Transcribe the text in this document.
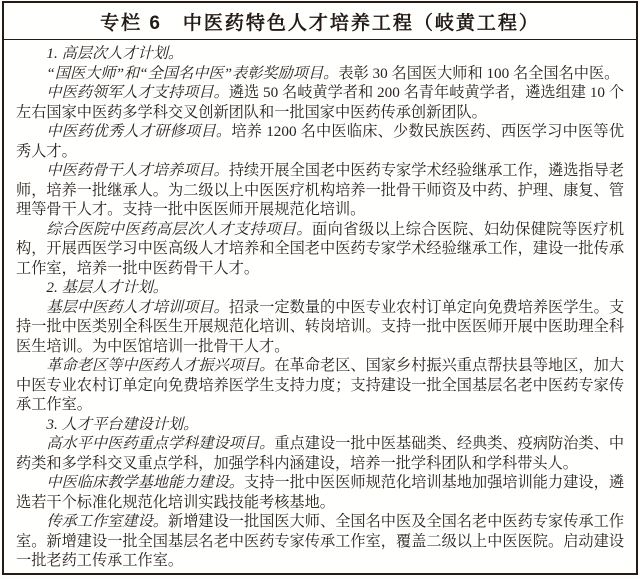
专栏 6　中医药特色人才培养工程（岐黄工程）

1. 高层次人才计划。

“国医大师”和“全国名中医”表彰奖励项目。表彰 30 名国医大师和 100 名全国名中医。

中医药领军人才支持项目。遴选 50 名岐黄学者和 200 名青年岐黄学者，遴选组建 10 个左右国家中医药多学科交叉创新团队和一批国家中医药传承创新团队。

中医药优秀人才研修项目。培养 1200 名中医临床、少数民族医药、西医学习中医等优秀人才。

中医药骨干人才培养项目。持续开展全国老中医药专家学术经验继承工作，遴选指导老师，培养一批继承人。为二级以上中医医疗机构培养一批骨干师资及中药、护理、康复、管理等骨干人才。支持一批中医医师开展规范化培训。

综合医院中医药高层次人才支持项目。面向省级以上综合医院、妇幼保健院等医疗机构，开展西医学习中医高级人才培养和全国老中医药专家学术经验继承工作，建设一批传承工作室，培养一批中医药骨干人才。

2. 基层人才计划。

基层中医药人才培训项目。招录一定数量的中医专业农村订单定向免费培养医学生。支持一批中医类别全科医生开展规范化培训、转岗培训。支持一批中医医师开展中医助理全科医生培训。为中医馆培训一批骨干人才。

革命老区等中医药人才振兴项目。在革命老区、国家乡村振兴重点帮扶县等地区，加大中医专业农村订单定向免费培养医学生支持力度；支持建设一批全国基层名老中医药专家传承工作室。

3. 人才平台建设计划。

高水平中医药重点学科建设项目。重点建设一批中医基础类、经典类、疫病防治类、中药类和多学科交叉重点学科，加强学科内涵建设，培养一批学科团队和学科带头人。

中医临床教学基地能力建设。支持一批中医医师规范化培训基地加强培训能力建设，遴选若干个标准化规范化培训实践技能考核基地。

传承工作室建设。新增建设一批国医大师、全国名中医及全国名老中医药专家传承工作室。新增建设一批全国基层名老中医药专家传承工作室，覆盖二级以上中医医院。启动建设一批老药工传承工作室。
